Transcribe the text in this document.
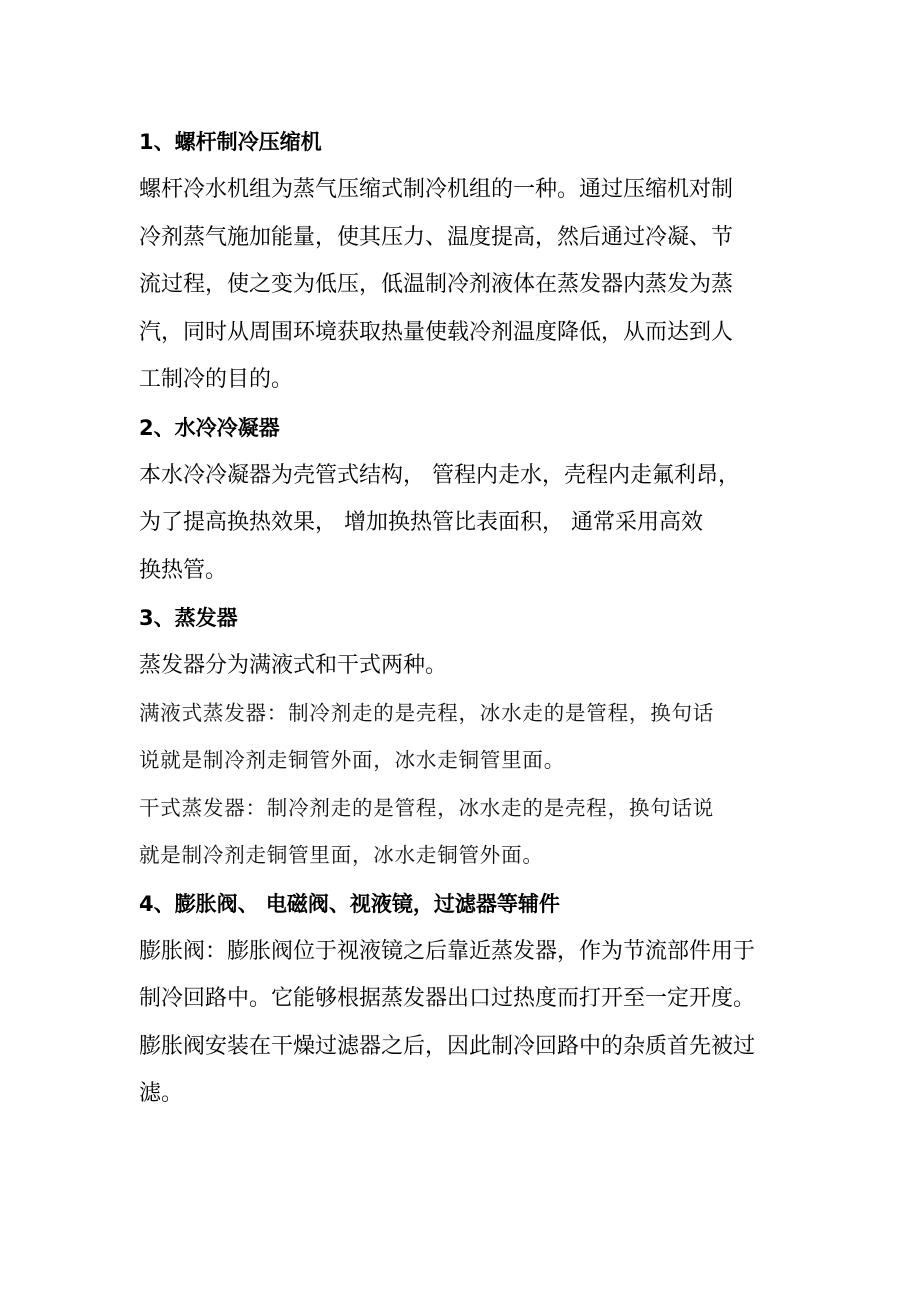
1、螺杆制冷压缩机

螺杆冷水机组为蒸气压缩式制冷机组的一种。通过压缩机对制
冷剂蒸气施加能量，使其压力、温度提高，然后通过冷凝、节
流过程，使之变为低压，低温制冷剂液体在蒸发器内蒸发为蒸
汽，同时从周围环境获取热量使载冷剂温度降低，从而达到人
工制冷的目的。

2、水冷冷凝器

本水冷冷凝器为壳管式结构， 管程内走水，壳程内走氟利昂，
为了提高换热效果， 增加换热管比表面积， 通常采用高效
换热管。

3、蒸发器

蒸发器分为满液式和干式两种。

满液式蒸发器：制冷剂走的是壳程，冰水走的是管程，换句话
说就是制冷剂走铜管外面，冰水走铜管里面。

干式蒸发器：制冷剂走的是管程，冰水走的是壳程，换句话说
就是制冷剂走铜管里面，冰水走铜管外面。

4、膨胀阀、 电磁阀、视液镜，过滤器等辅件

膨胀阀：膨胀阀位于视液镜之后靠近蒸发器，作为节流部件用于
制冷回路中。它能够根据蒸发器出口过热度而打开至一定开度。
膨胀阀安装在干燥过滤器之后，因此制冷回路中的杂质首先被过
滤。
